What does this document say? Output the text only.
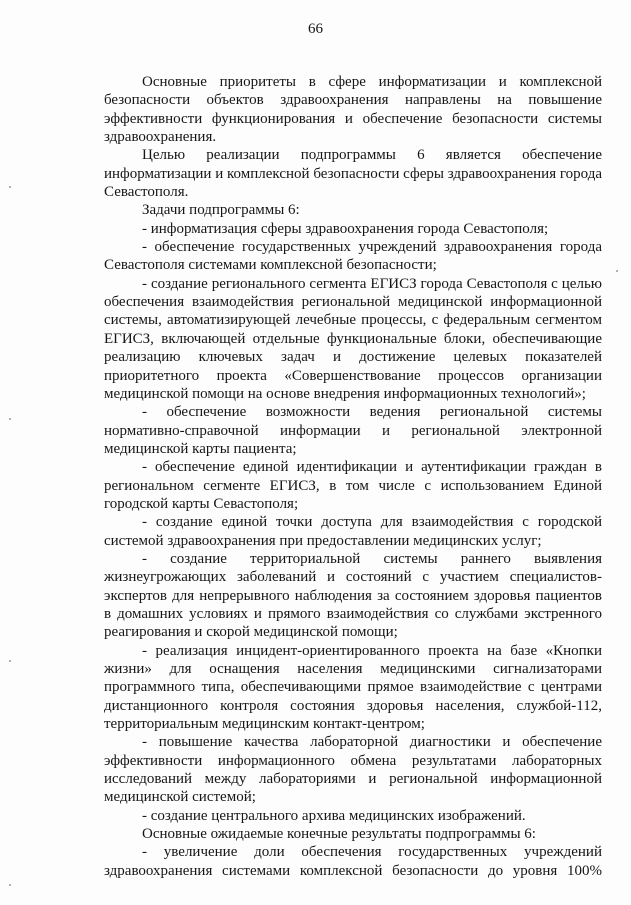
66

Основные приоритеты в сфере информатизации и комплексной безопасности объектов здравоохранения направлены на повышение эффективности функционирования и обеспечение безопасности системы здравоохранения.

Целью реализации подпрограммы 6 является обеспечение информатизации и комплексной безопасности сферы здравоохранения города Севастополя.

Задачи подпрограммы 6:

- информатизация сферы здравоохранения города Севастополя;

- обеспечение государственных учреждений здравоохранения города Севастополя системами комплексной безопасности;

- создание регионального сегмента ЕГИСЗ города Севастополя с целью обеспечения взаимодействия региональной медицинской информационной системы, автоматизирующей лечебные процессы, с федеральным сегментом ЕГИСЗ, включающей отдельные функциональные блоки, обеспечивающие реализацию ключевых задач и достижение целевых показателей приоритетного проекта «Совершенствование процессов организации медицинской помощи на основе внедрения информационных технологий»;

- обеспечение возможности ведения региональной системы нормативно-справочной информации и региональной электронной медицинской карты пациента;

- обеспечение единой идентификации и аутентификации граждан в региональном сегменте ЕГИСЗ, в том числе с использованием Единой городской карты Севастополя;

- создание единой точки доступа для взаимодействия с городской системой здравоохранения при предоставлении медицинских услуг;

- создание территориальной системы раннего выявления жизнеугрожающих заболеваний и состояний с участием специалистов-экспертов для непрерывного наблюдения за состоянием здоровья пациентов в домашних условиях и прямого взаимодействия со службами экстренного реагирования и скорой медицинской помощи;

- реализация инцидент-ориентированного проекта на базе «Кнопки жизни» для оснащения населения медицинскими сигнализаторами программного типа, обеспечивающими прямое взаимодействие с центрами дистанционного контроля состояния здоровья населения, службой-112, территориальным медицинским контакт-центром;

- повышение качества лабораторной диагностики и обеспечение эффективности информационного обмена результатами лабораторных исследований между лабораториями и региональной информационной медицинской системой;

- создание центрального архива медицинских изображений.

Основные ожидаемые конечные результаты подпрограммы 6:

- увеличение доли обеспечения государственных учреждений здравоохранения системами комплексной безопасности до уровня 100%
